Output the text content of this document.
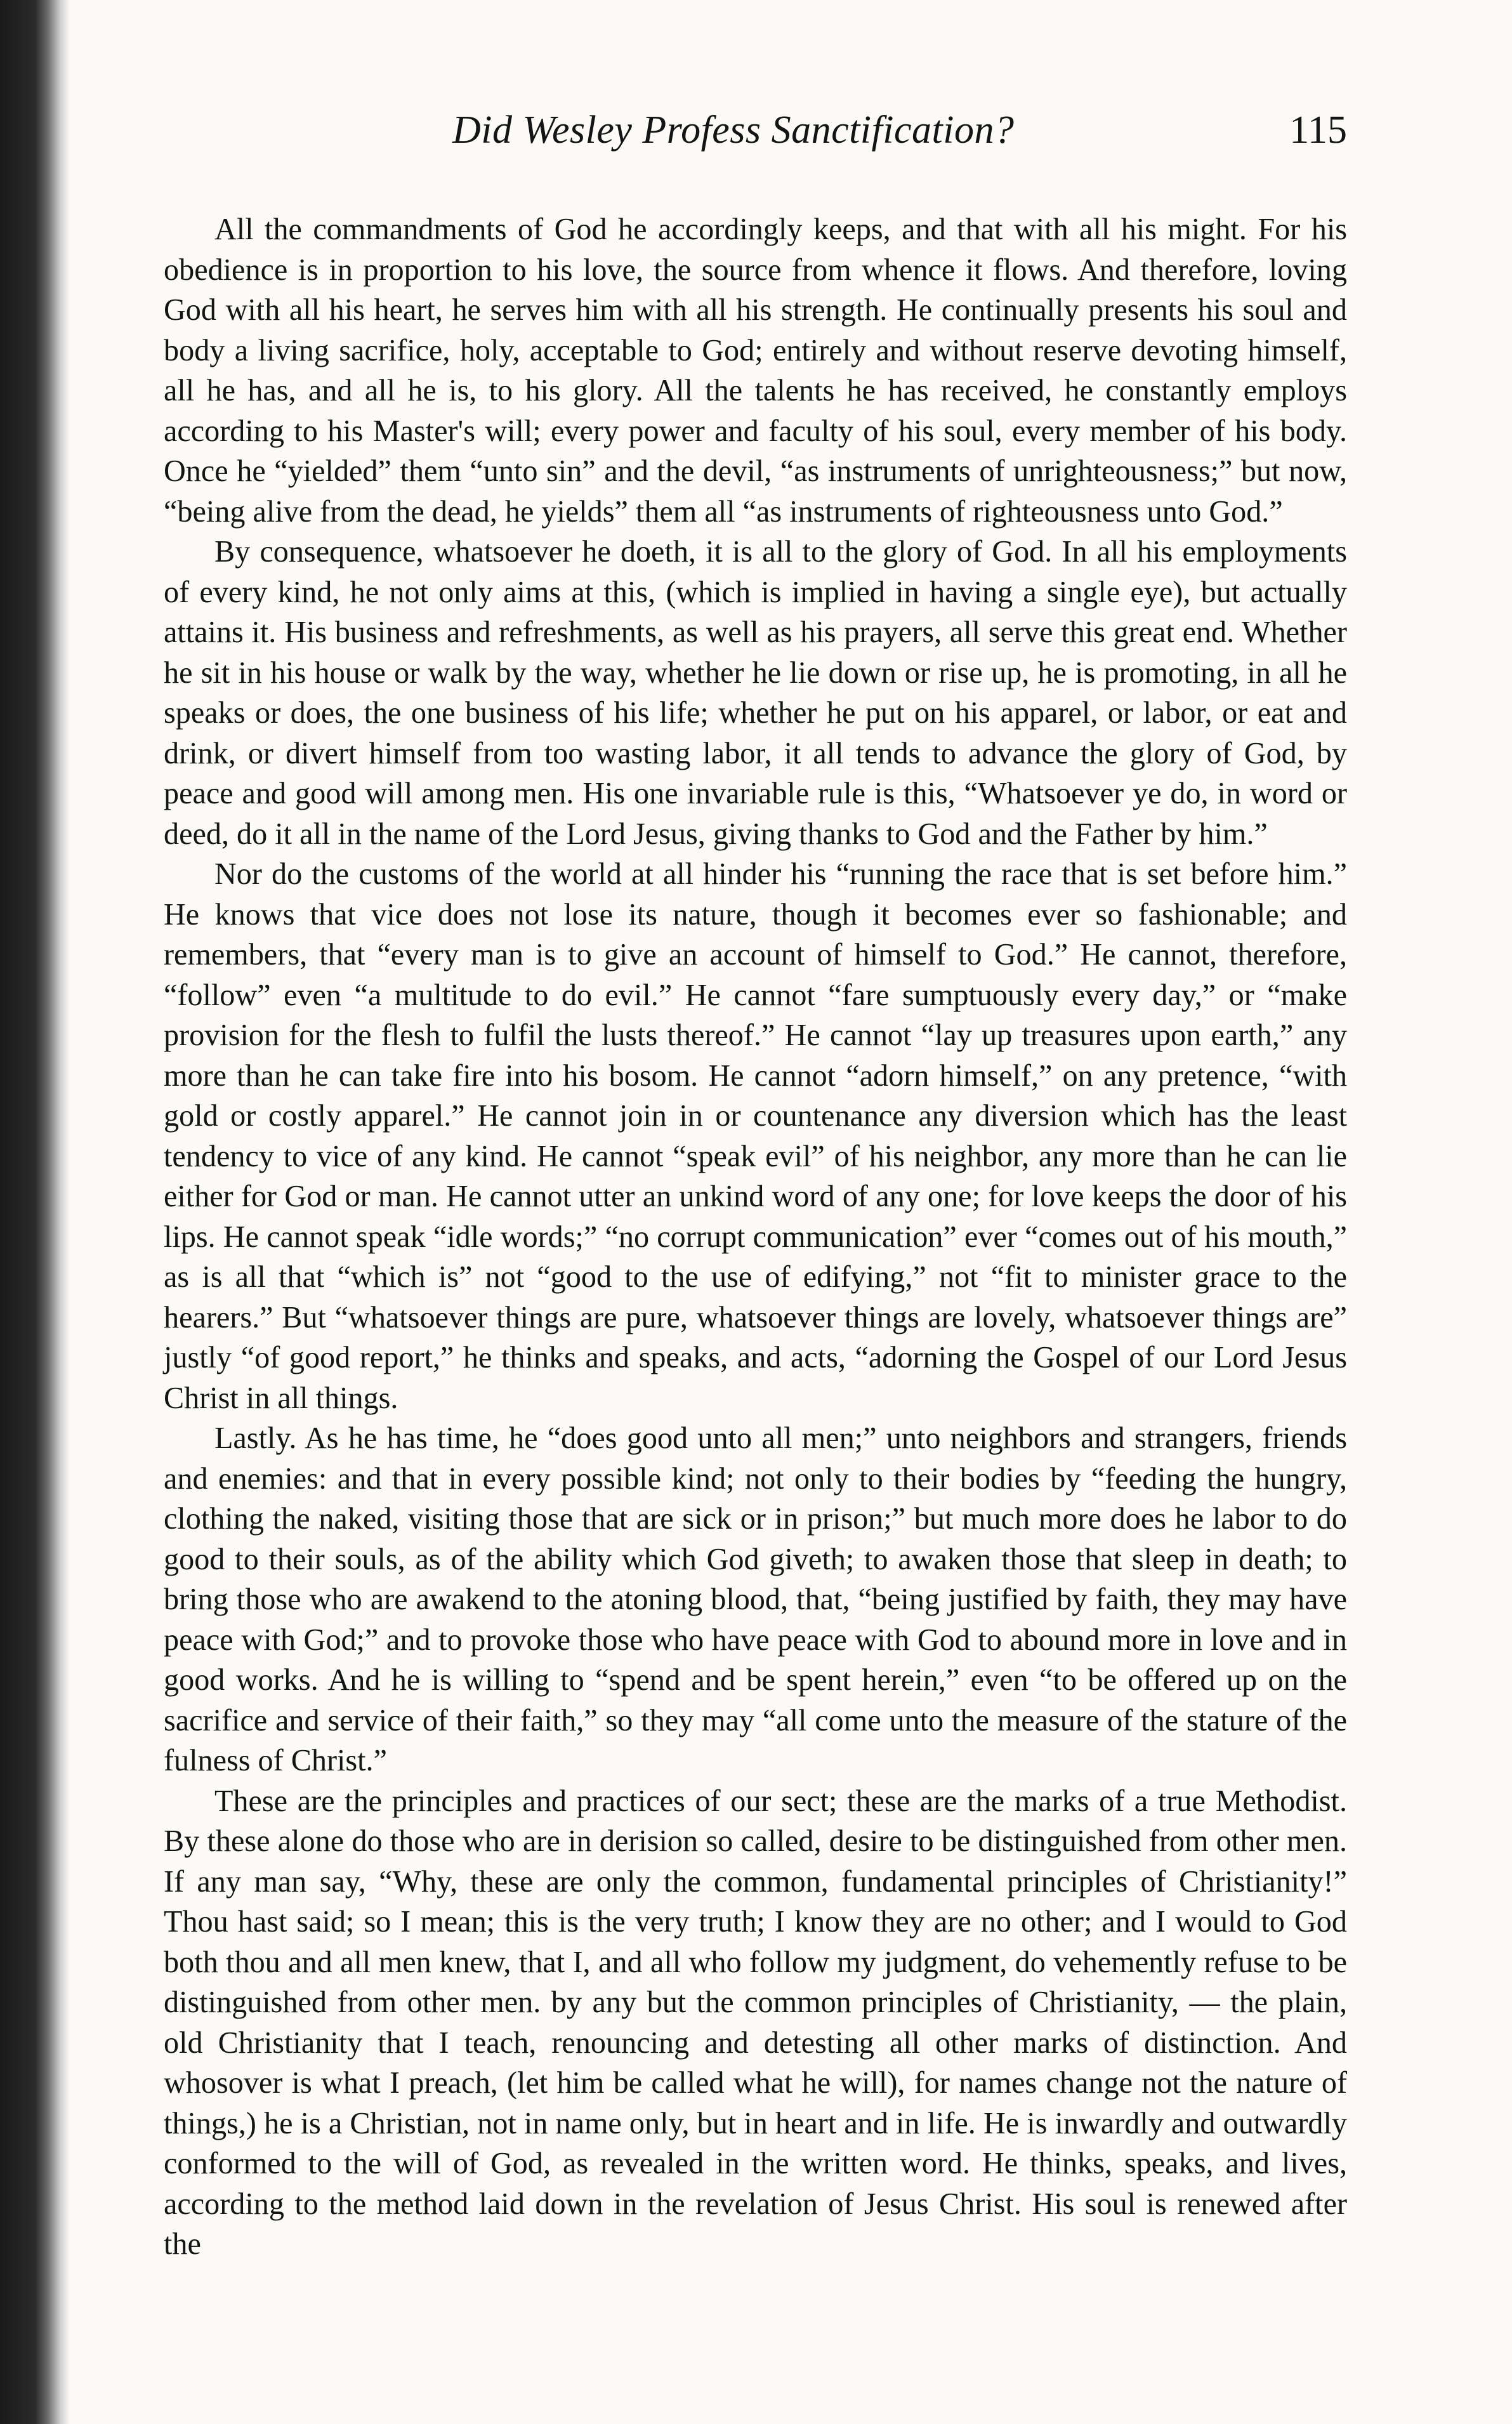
Did Wesley Profess Sanctification?	115

All the commandments of God he accordingly keeps, and that with all his might. For his obedience is in proportion to his love, the source from whence it flows. And therefore, loving God with all his heart, he serves him with all his strength. He continually presents his soul and body a living sacrifice, holy, acceptable to God; entirely and without reserve devoting himself, all he has, and all he is, to his glory. All the talents he has received, he constantly employs according to his Master's will; every power and faculty of his soul, every member of his body. Once he “yielded” them “unto sin” and the devil, “as instruments of unrighteousness;” but now, “being alive from the dead, he yields” them all “as instruments of righteousness unto God.”

By consequence, whatsoever he doeth, it is all to the glory of God. In all his employments of every kind, he not only aims at this, (which is implied in having a single eye), but actually attains it. His business and refreshments, as well as his prayers, all serve this great end. Whether he sit in his house or walk by the way, whether he lie down or rise up, he is promoting, in all he speaks or does, the one business of his life; whether he put on his apparel, or labor, or eat and drink, or divert himself from too wasting labor, it all tends to advance the glory of God, by peace and good will among men. His one invariable rule is this, “Whatsoever ye do, in word or deed, do it all in the name of the Lord Jesus, giving thanks to God and the Father by him.”

Nor do the customs of the world at all hinder his “running the race that is set before him.” He knows that vice does not lose its nature, though it becomes ever so fashionable; and remembers, that “every man is to give an account of himself to God.” He cannot, therefore, “follow” even “a multitude to do evil.” He cannot “fare sumptuously every day,” or “make provision for the flesh to fulfil the lusts thereof.” He cannot “lay up treasures upon earth,” any more than he can take fire into his bosom. He cannot “adorn himself,” on any pretence, “with gold or costly apparel.” He cannot join in or countenance any diversion which has the least tendency to vice of any kind. He cannot “speak evil” of his neighbor, any more than he can lie either for God or man. He cannot utter an unkind word of any one; for love keeps the door of his lips. He cannot speak “idle words;” “no corrupt communication” ever “comes out of his mouth,” as is all that “which is” not “good to the use of edifying,” not “fit to minister grace to the hearers.” But “whatsoever things are pure, whatsoever things are lovely, whatsoever things are” justly “of good report,” he thinks and speaks, and acts, “adorning the Gospel of our Lord Jesus Christ in all things.

Lastly. As he has time, he “does good unto all men;” unto neighbors and strangers, friends and enemies: and that in every possible kind; not only to their bodies by “feeding the hungry, clothing the naked, visiting those that are sick or in prison;” but much more does he labor to do good to their souls, as of the ability which God giveth; to awaken those that sleep in death; to bring those who are awakend to the atoning blood, that, “being justified by faith, they may have peace with God;” and to provoke those who have peace with God to abound more in love and in good works. And he is willing to “spend and be spent herein,” even “to be offered up on the sacrifice and service of their faith,” so they may “all come unto the measure of the stature of the fulness of Christ.”

These are the principles and practices of our sect; these are the marks of a true Methodist. By these alone do those who are in derision so called, desire to be distinguished from other men. If any man say, “Why, these are only the common, fundamental principles of Christianity!” Thou hast said; so I mean; this is the very truth; I know they are no other; and I would to God both thou and all men knew, that I, and all who follow my judgment, do vehemently refuse to be distinguished from other men. by any but the common principles of Christianity, — the plain, old Christianity that I teach, renouncing and detesting all other marks of distinction. And whosover is what I preach, (let him be called what he will), for names change not the nature of things,) he is a Christian, not in name only, but in heart and in life. He is inwardly and outwardly conformed to the will of God, as revealed in the written word. He thinks, speaks, and lives, according to the method laid down in the revelation of Jesus Christ. His soul is renewed after the
